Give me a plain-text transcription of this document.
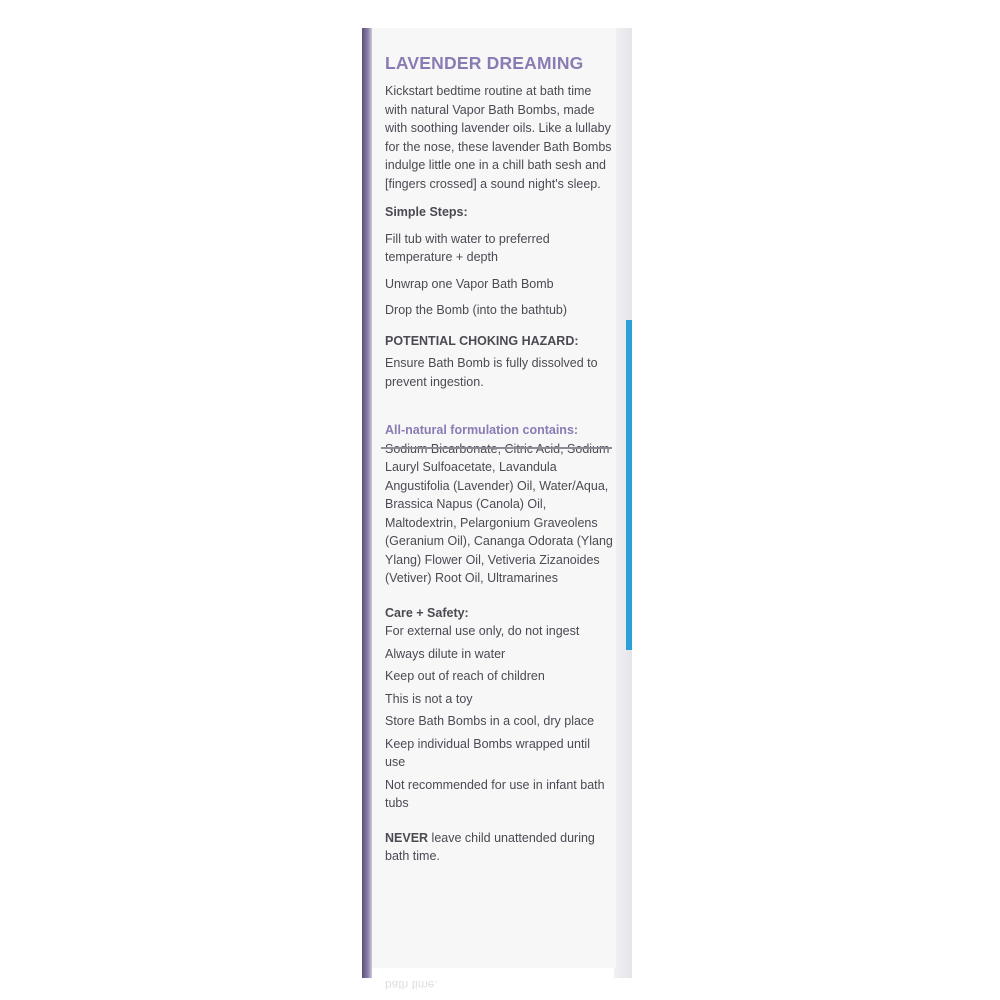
LAVENDER DREAMING
Kickstart bedtime routine at bath time with natural Vapor Bath Bombs, made with soothing lavender oils. Like a lullaby for the nose, these lavender Bath Bombs indulge little one in a chill bath sesh and [fingers crossed] a sound night's sleep.
Simple Steps:
Fill tub with water to preferred temperature + depth
Unwrap one Vapor Bath Bomb
Drop the Bomb (into the bathtub)
POTENTIAL CHOKING HAZARD:
Ensure Bath Bomb is fully dissolved to prevent ingestion.
All-natural formulation contains:
Lauryl Sulfoacetate, Lavandula Angustifolia (Lavender) Oil, Water/Aqua, Brassica Napus (Canola) Oil, Maltodextrin, Pelargonium Graveolens (Geranium Oil), Cananga Odorata (Ylang Ylang) Flower Oil, Vetiveria Zizanoides (Vetiver) Root Oil, Ultramarines
Care + Safety:
For external use only, do not ingest
Always dilute in water
Keep out of reach of children
This is not a toy
Store Bath Bombs in a cool, dry place
Keep individual Bombs wrapped until use
Not recommended for use in infant bath tubs
NEVER leave child unattended during bath time.
bath time.
